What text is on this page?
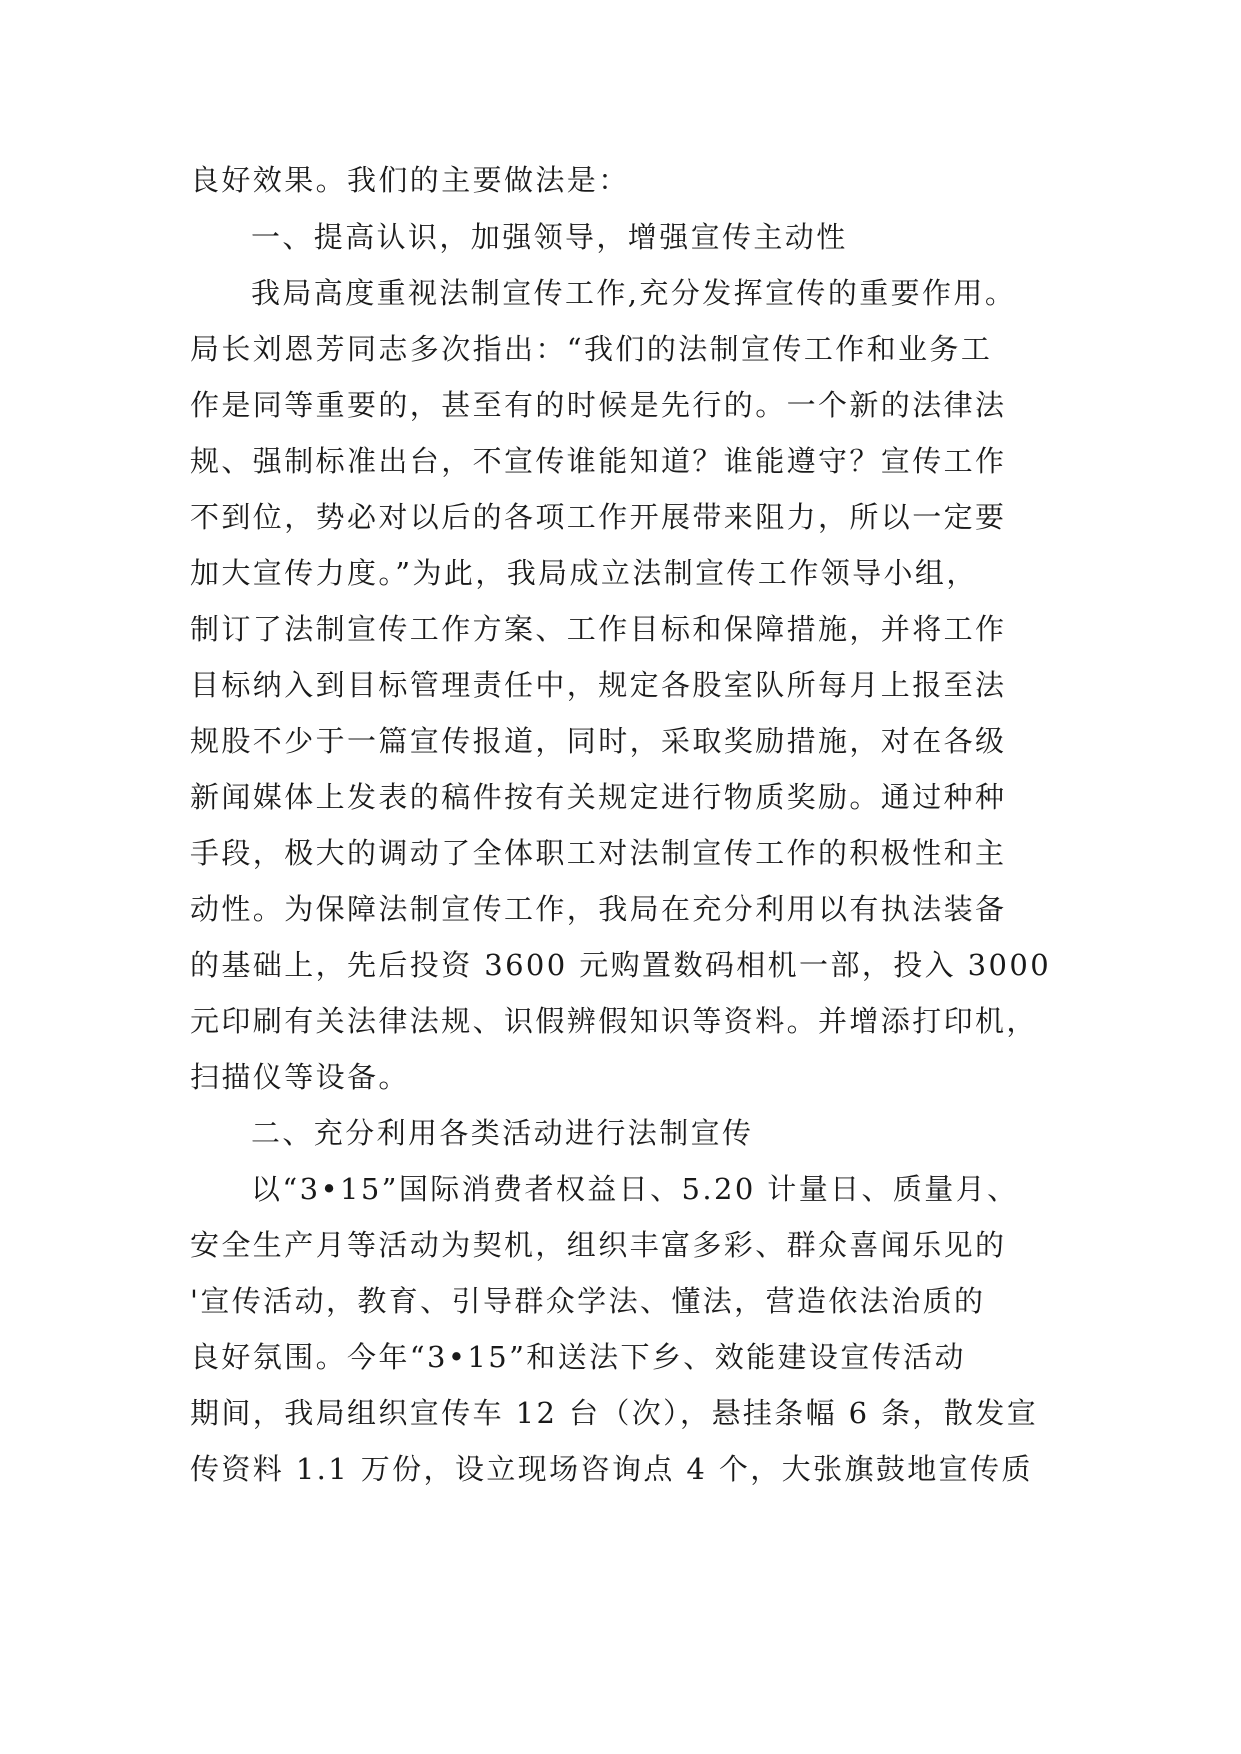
良好效果。我们的主要做法是：
一、提高认识，加强领导，增强宣传主动性
我局高度重视法制宣传工作,充分发挥宣传的重要作用。
局长刘恩芳同志多次指出：“我们的法制宣传工作和业务工
作是同等重要的，甚至有的时候是先行的。一个新的法律法
规、强制标准出台，不宣传谁能知道？谁能遵守？宣传工作
不到位，势必对以后的各项工作开展带来阻力，所以一定要
加大宣传力度。”为此，我局成立法制宣传工作领导小组，
制订了法制宣传工作方案、工作目标和保障措施，并将工作
目标纳入到目标管理责任中，规定各股室队所每月上报至法
规股不少于一篇宣传报道，同时，采取奖励措施，对在各级
新闻媒体上发表的稿件按有关规定进行物质奖励。通过种种
手段，极大的调动了全体职工对法制宣传工作的积极性和主
动性。为保障法制宣传工作，我局在充分利用以有执法装备
的基础上，先后投资 3600 元购置数码相机一部，投入 3000
元印刷有关法律法规、识假辨假知识等资料。并增添打印机，
扫描仪等设备。
二、充分利用各类活动进行法制宣传
以“3•15”国际消费者权益日、5.20 计量日、质量月、
安全生产月等活动为契机，组织丰富多彩、群众喜闻乐见的
'宣传活动，教育、引导群众学法、懂法，营造依法治质的
良好氛围。今年“3•15”和送法下乡、效能建设宣传活动
期间，我局组织宣传车 12 台（次），悬挂条幅 6 条，散发宣
传资料 1.1 万份，设立现场咨询点 4 个，大张旗鼓地宣传质
